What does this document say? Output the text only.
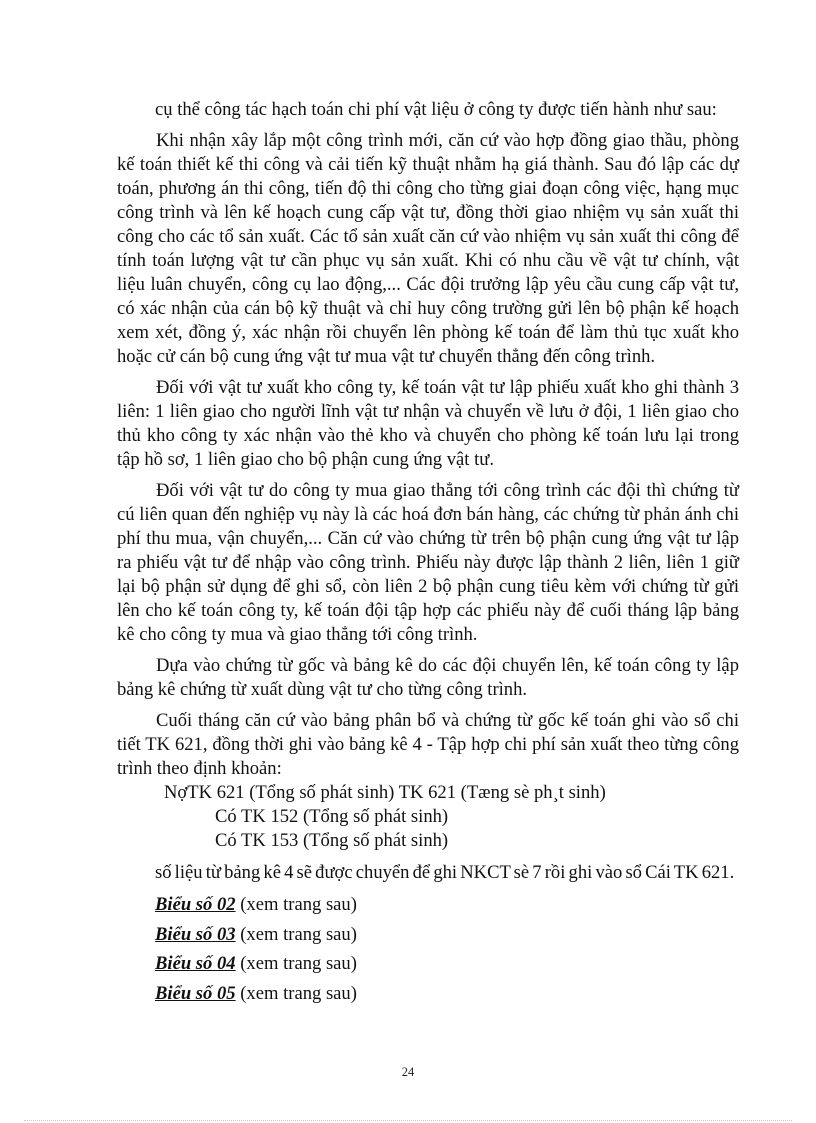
cụ thể công tác hạch toán chi phí vật liệu ở công ty được tiến hành như sau:

Khi nhận xây lắp một công trình mới, căn cứ vào hợp đồng giao thầu, phòng kế toán thiết kế thi công và cải tiến kỹ thuật nhằm hạ giá thành. Sau đó lập các dự toán, phương án thi công, tiến độ thi công cho từng giai đoạn công việc, hạng mục công trình và lên kế hoạch cung cấp vật tư, đồng thời giao nhiệm vụ sản xuất thi công cho các tổ sản xuất. Các tổ sản xuất căn cứ vào nhiệm vụ sản xuất thi công để tính toán lượng vật tư cần phục vụ sản xuất. Khi có nhu cầu về vật tư chính, vật liệu luân chuyển, công cụ lao động,... Các đội trưởng lập yêu cầu cung cấp vật tư, có xác nhận của cán bộ kỹ thuật và chỉ huy công trường gửi lên bộ phận kế hoạch xem xét, đồng ý, xác nhận rồi chuyển lên phòng kế toán để làm thủ tục xuất kho hoặc cử cán bộ cung ứng vật tư mua vật tư chuyển thẳng đến công trình.

Đối với vật tư xuất kho công ty, kế toán vật tư lập phiếu xuất kho ghi thành 3 liên: 1 liên giao cho người lĩnh vật tư nhận và chuyển về lưu ở đội, 1 liên giao cho thủ kho công ty xác nhận vào thẻ kho và chuyển cho phòng kế toán lưu lại trong tập hồ sơ, 1 liên giao cho bộ phận cung ứng vật tư.

Đối với vật tư do công ty mua giao thẳng tới công trình các đội thì chứng từ cú liên quan đến nghiệp vụ này là các hoá đơn bán hàng, các chứng từ phản ánh chi phí thu mua, vận chuyển,... Căn cứ vào chứng từ trên bộ phận cung ứng vật tư lập ra phiếu vật tư để nhập vào công trình. Phiếu này được lập thành 2 liên, liên 1 giữ lại bộ phận sử dụng để ghi sổ, còn liên 2 bộ phận cung tiêu kèm với chứng từ gửi lên cho kế toán công ty, kế toán đội tập hợp các phiếu này để cuối tháng lập bảng kê cho công ty mua và giao thẳng tới công trình.

Dựa vào chứng từ gốc và bảng kê do các đội chuyển lên, kế toán công ty lập bảng kê chứng từ xuất dùng vật tư cho từng công trình.

Cuối tháng căn cứ vào bảng phân bổ và chứng từ gốc kế toán ghi vào sổ chi tiết TK 621, đồng thời ghi vào bảng kê 4 - Tập hợp chi phí sản xuất theo từng công trình theo định khoản:

NợTK 621 (Tổng số phát sinh) TK 621 (Tæng sè ph¸t sinh)

Có TK 152 (Tổng số phát sinh)

Có TK 153 (Tổng số phát sinh)

số liệu từ bảng kê 4 sẽ được chuyển để ghi NKCT sè 7 rồi ghi vào sổ Cái TK 621.

Biểu số 02 (xem trang sau)

Biểu số 03 (xem trang sau)

Biểu số 04 (xem trang sau)

Biểu số 05 (xem trang sau)

24
